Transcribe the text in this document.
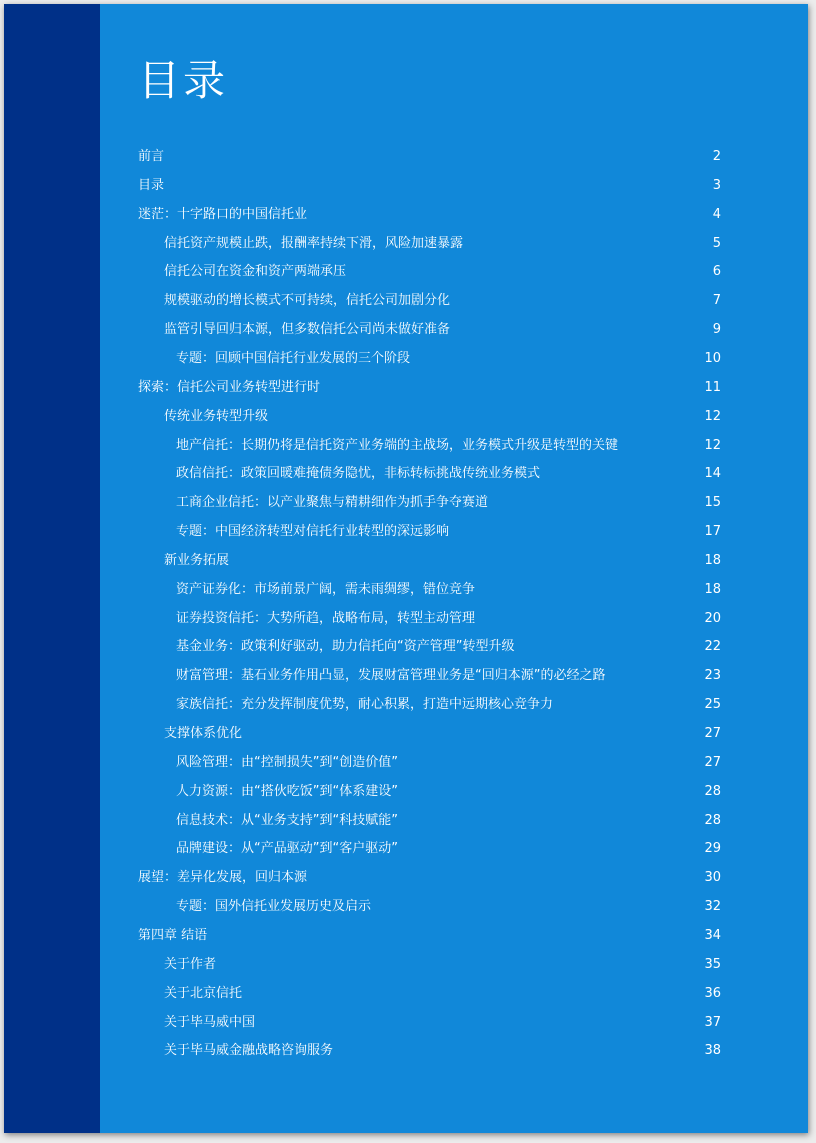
目录
前言	2
目录	3
迷茫：十字路口的中国信托业	4
信托资产规模止跌，报酬率持续下滑，风险加速暴露	5
信托公司在资金和资产两端承压	6
规模驱动的增长模式不可持续，信托公司加剧分化	7
监管引导回归本源，但多数信托公司尚未做好准备	9
专题：回顾中国信托行业发展的三个阶段	10
探索：信托公司业务转型进行时	11
传统业务转型升级	12
地产信托：长期仍将是信托资产业务端的主战场，业务模式升级是转型的关键	12
政信信托：政策回暖难掩债务隐忧，非标转标挑战传统业务模式	14
工商企业信托：以产业聚焦与精耕细作为抓手争夺赛道	15
专题：中国经济转型对信托行业转型的深远影响	17
新业务拓展	18
资产证券化：市场前景广阔，需未雨绸缪，错位竞争	18
证券投资信托：大势所趋，战略布局，转型主动管理	20
基金业务：政策利好驱动，助力信托向“资产管理”转型升级	22
财富管理：基石业务作用凸显，发展财富管理业务是“回归本源”的必经之路	23
家族信托：充分发挥制度优势，耐心积累，打造中远期核心竞争力	25
支撑体系优化	27
风险管理：由“控制损失”到“创造价值”	27
人力资源：由“搭伙吃饭”到“体系建设”	28
信息技术：从“业务支持”到“科技赋能”	28
品牌建设：从“产品驱动”到“客户驱动”	29
展望：差异化发展，回归本源	30
专题：国外信托业发展历史及启示	32
第四章 结语	34
关于作者	35
关于北京信托	36
关于毕马威中国	37
关于毕马威金融战略咨询服务	38
